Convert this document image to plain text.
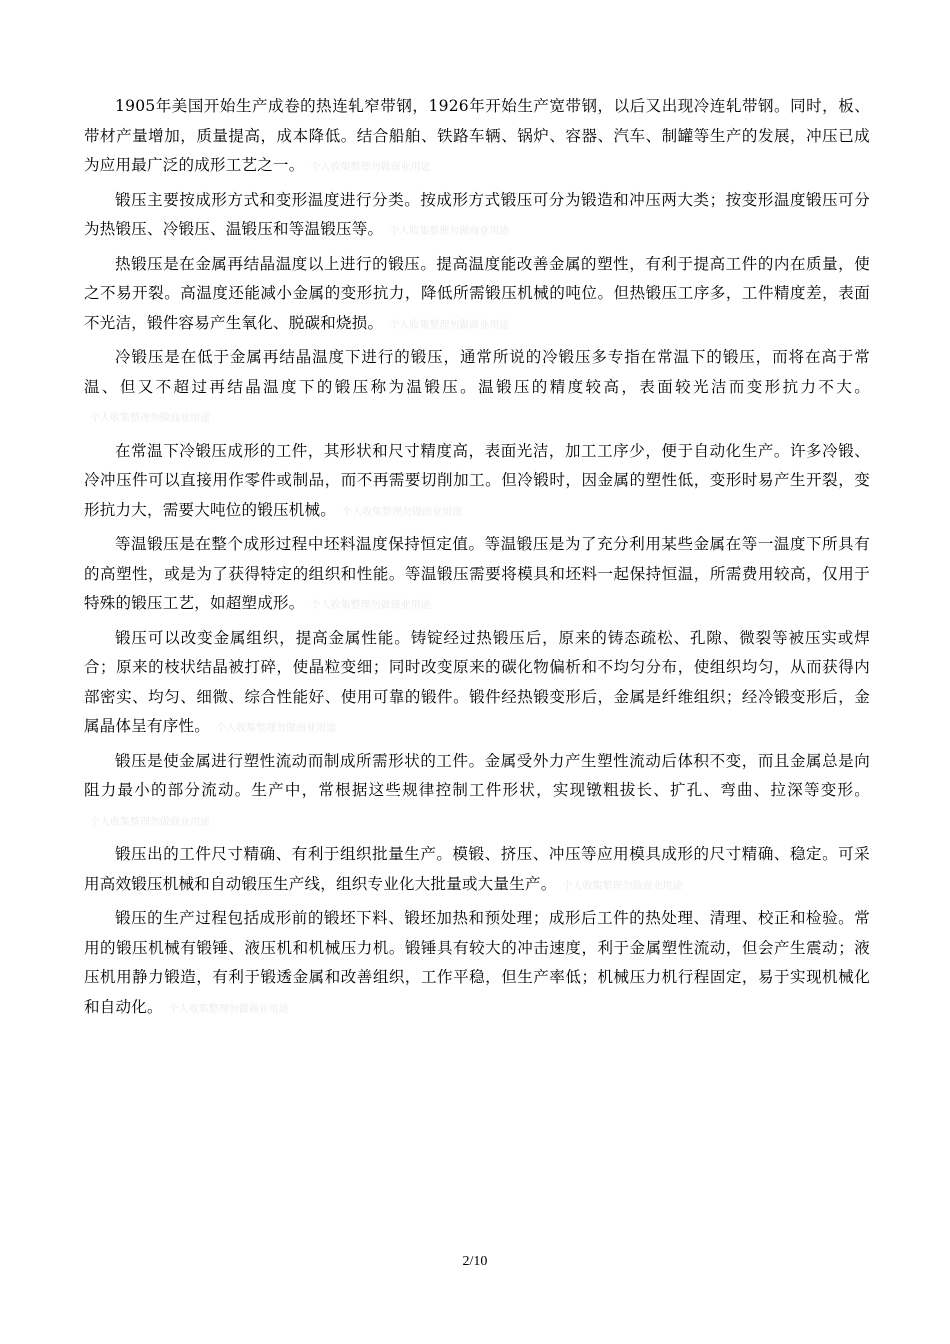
1905年美国开始生产成卷的热连轧窄带钢，1926年开始生产宽带钢，以后又出现冷连轧带钢。同时，板、带材产量增加，质量提高，成本降低。结合船舶、铁路车辆、锅炉、容器、汽车、制罐等生产的发展，冲压已成为应用最广泛的成形工艺之一。 个人收集整理勿做商业用途

锻压主要按成形方式和变形温度进行分类。按成形方式锻压可分为锻造和冲压两大类；按变形温度锻压可分为热锻压、冷锻压、温锻压和等温锻压等。 个人收集整理勿做商业用途

热锻压是在金属再结晶温度以上进行的锻压。提高温度能改善金属的塑性，有利于提高工件的内在质量，使之不易开裂。高温度还能减小金属的变形抗力，降低所需锻压机械的吨位。但热锻压工序多，工件精度差，表面不光洁，锻件容易产生氧化、脱碳和烧损。 个人收集整理勿做商业用途

冷锻压是在低于金属再结晶温度下进行的锻压，通常所说的冷锻压多专指在常温下的锻压，而将在高于常温、但又不超过再结晶温度下的锻压称为温锻压。温锻压的精度较高，表面较光洁而变形抗力不大。个人收集整理勿做商业用途

在常温下冷锻压成形的工件，其形状和尺寸精度高，表面光洁，加工工序少，便于自动化生产。许多冷锻、冷冲压件可以直接用作零件或制品，而不再需要切削加工。但冷锻时，因金属的塑性低，变形时易产生开裂，变形抗力大，需要大吨位的锻压机械。 个人收集整理勿做商业用途

等温锻压是在整个成形过程中坯料温度保持恒定值。等温锻压是为了充分利用某些金属在等一温度下所具有的高塑性，或是为了获得特定的组织和性能。等温锻压需要将模具和坯料一起保持恒温，所需费用较高，仅用于特殊的锻压工艺，如超塑成形。 个人收集整理勿做商业用途

锻压可以改变金属组织，提高金属性能。铸锭经过热锻压后，原来的铸态疏松、孔隙、微裂等被压实或焊合；原来的枝状结晶被打碎，使晶粒变细；同时改变原来的碳化物偏析和不均匀分布，使组织均匀，从而获得内部密实、均匀、细微、综合性能好、使用可靠的锻件。锻件经热锻变形后，金属是纤维组织；经冷锻变形后，金属晶体呈有序性。 个人收集整理勿做商业用途

锻压是使金属进行塑性流动而制成所需形状的工件。金属受外力产生塑性流动后体积不变，而且金属总是向阻力最小的部分流动。生产中，常根据这些规律控制工件形状，实现镦粗拔长、扩孔、弯曲、拉深等变形。个人收集整理勿做商业用途

锻压出的工件尺寸精确、有利于组织批量生产。模锻、挤压、冲压等应用模具成形的尺寸精确、稳定。可采用高效锻压机械和自动锻压生产线，组织专业化大批量或大量生产。 个人收集整理勿做商业用途

锻压的生产过程包括成形前的锻坯下料、锻坯加热和预处理；成形后工件的热处理、清理、校正和检验。常用的锻压机械有锻锤、液压机和机械压力机。锻锤具有较大的冲击速度，利于金属塑性流动，但会产生震动；液压机用静力锻造，有利于锻透金属和改善组织，工作平稳，但生产率低；机械压力机行程固定，易于实现机械化和自动化。 个人收集整理勿做商业用途

2/10
